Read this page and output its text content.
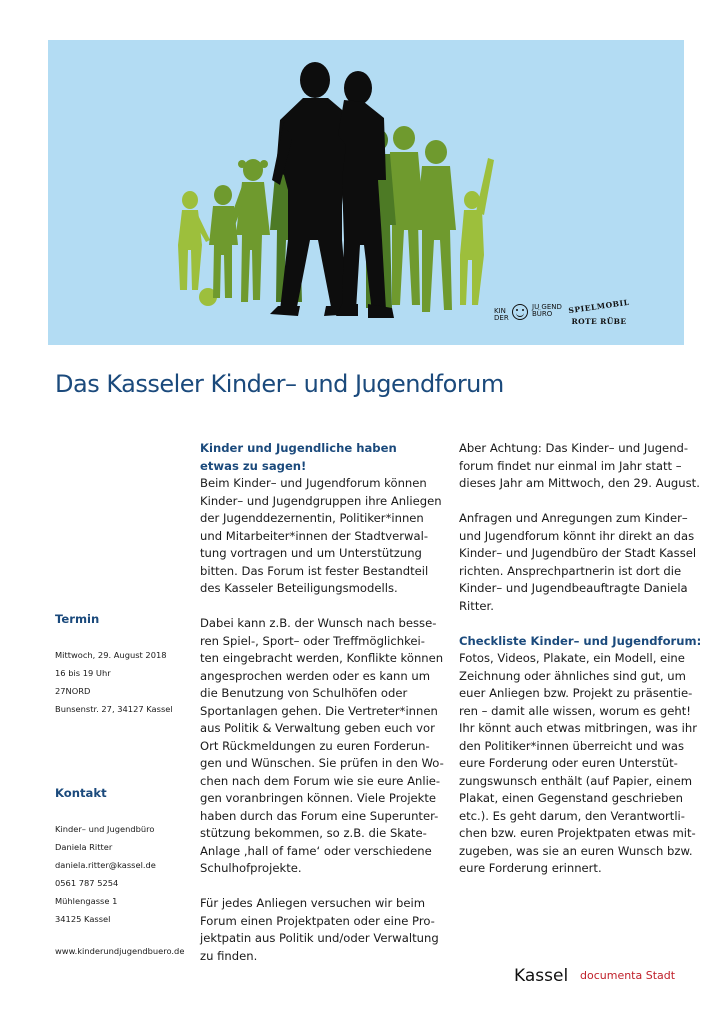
KIN DER
JU GEND BÜRO	SPIELMOBIL
ROTE RÜBE
Das Kasseler Kinder– und Jugendforum
Termin
Mittwoch, 29. August 2018
16 bis 19 Uhr
27NORD
Bunsenstr. 27, 34127 Kassel
Kontakt
Kinder– und Jugendbüro
Daniela Ritter
daniela.ritter@kassel.de
0561 787 5254
Mühlengasse 1
34125 Kassel
www.kinderundjugendbuero.de

Kinder und Jugendliche haben

etwas zu sagen!

Beim Kinder– und Jugendforum können

Kinder– und Jugendgruppen ihre Anliegen

der Jugenddezernentin, Politiker*innen

und Mitarbeiter*innen der Stadtverwal-

tung vortragen und um Unterstützung

bitten. Das Forum ist fester Bestandteil

des Kasseler Beteiligungsmodells.

Dabei kann z.B. der Wunsch nach besse-

ren Spiel-, Sport– oder Treffmöglichkei-

ten eingebracht werden, Konflikte können

angesprochen werden oder es kann um

die Benutzung von Schulhöfen oder

Sportanlagen gehen. Die Vertreter*innen

aus Politik & Verwaltung geben euch vor

Ort Rückmeldungen zu euren Forderun-

gen und Wünschen. Sie prüfen in den Wo-

chen nach dem Forum wie sie eure Anlie-

gen voranbringen können. Viele Projekte

haben durch das Forum eine Superunter-

stützung bekommen, so z.B. die Skate-

Anlage ‚hall of fame‘ oder verschiedene

Schulhofprojekte.

Für jedes Anliegen versuchen wir beim

Forum einen Projektpaten oder eine Pro-

jektpatin aus Politik und/oder Verwaltung

zu finden.

Aber Achtung: Das Kinder– und Jugend-

forum findet nur einmal im Jahr statt –

dieses Jahr am Mittwoch, den 29. August.

Anfragen und Anregungen zum Kinder–

und Jugendforum könnt ihr direkt an das

Kinder– und Jugendbüro der Stadt Kassel

richten. Ansprechpartnerin ist dort die

Kinder– und Jugendbeauftragte Daniela

Ritter.

Checkliste Kinder– und Jugendforum:

Fotos, Videos, Plakate, ein Modell, eine

Zeichnung oder ähnliches sind gut, um

euer Anliegen bzw. Projekt zu präsentie-

ren – damit alle wissen, worum es geht!

Ihr könnt auch etwas mitbringen, was ihr

den Politiker*innen überreicht und was

eure Forderung oder euren Unterstüt-

zungswunsch enthält (auf Papier, einem

Plakat, einen Gegenstand geschrieben

etc.). Es geht darum, den Verantwortli-

chen bzw. euren Projektpaten etwas mit-

zugeben, was sie an euren Wunsch bzw.

eure Forderung erinnert.

Kassel documenta Stadt
